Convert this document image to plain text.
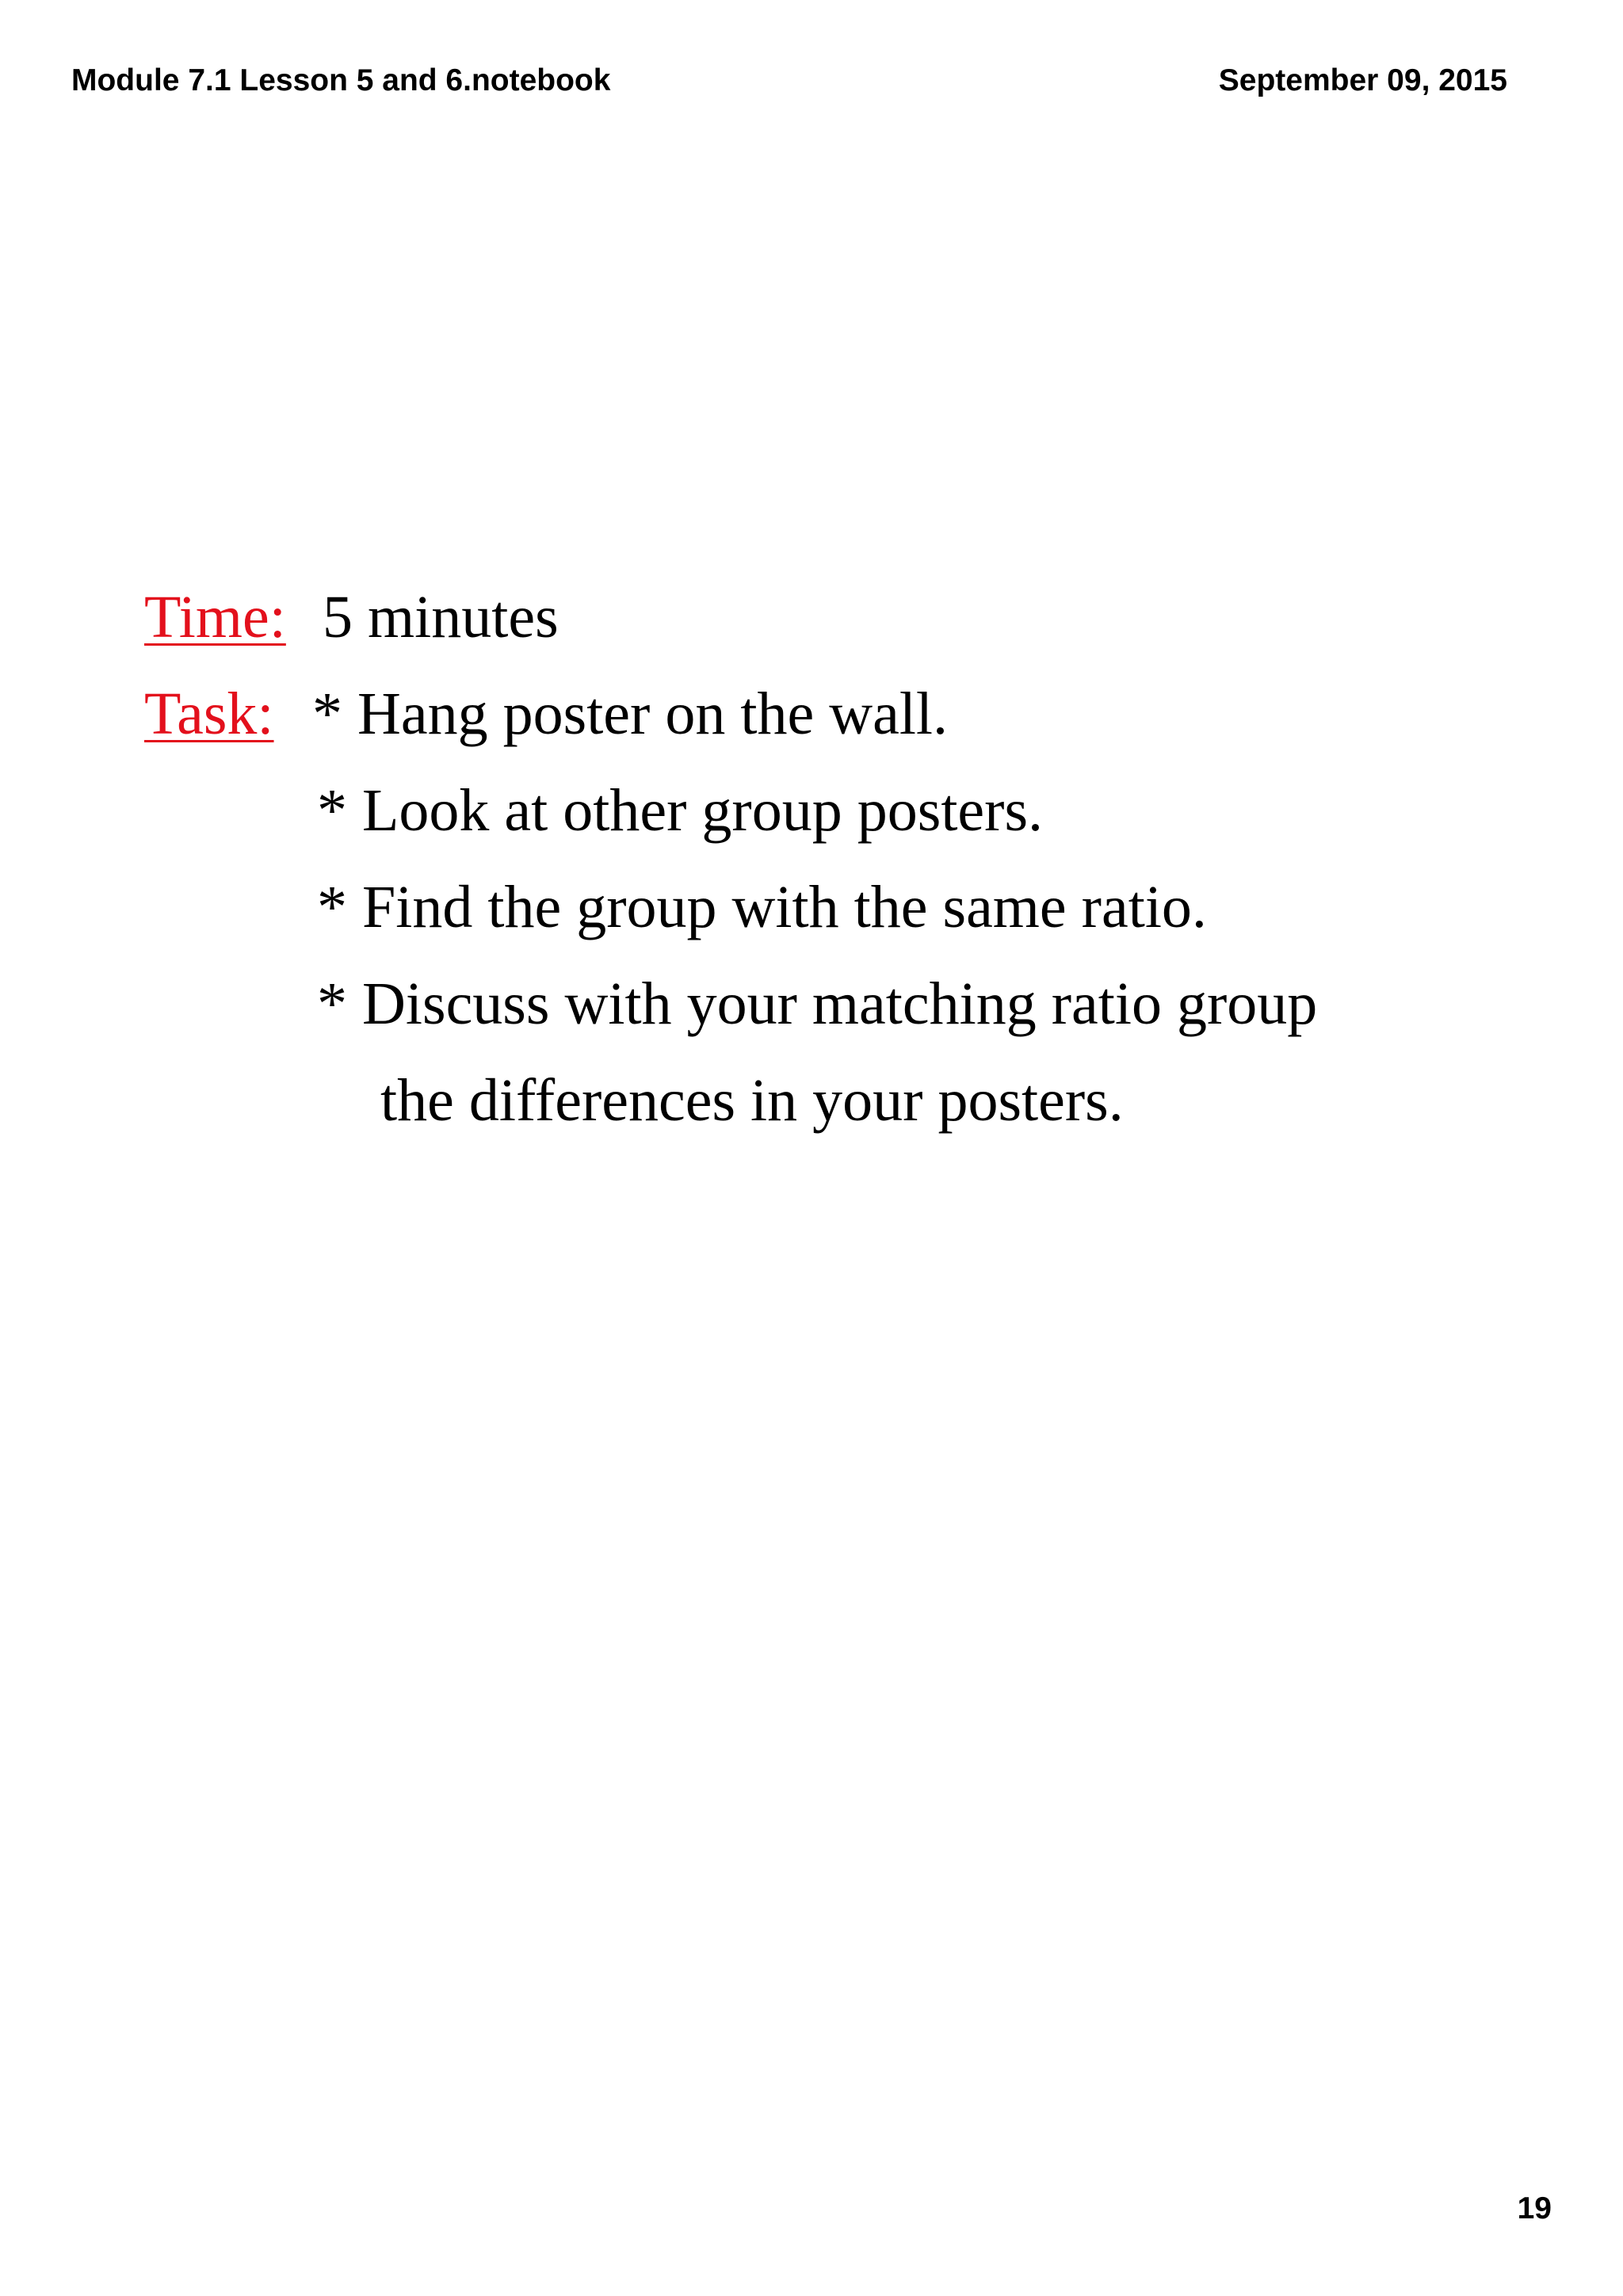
Module 7.1 Lesson 5 and 6.notebook	September 09, 2015
Time: 5 minutes
Task: * Hang poster on the wall.
* Look at other group posters.
* Find the group with the same ratio.
* Discuss with your matching ratio group
the differences in your posters.
19
